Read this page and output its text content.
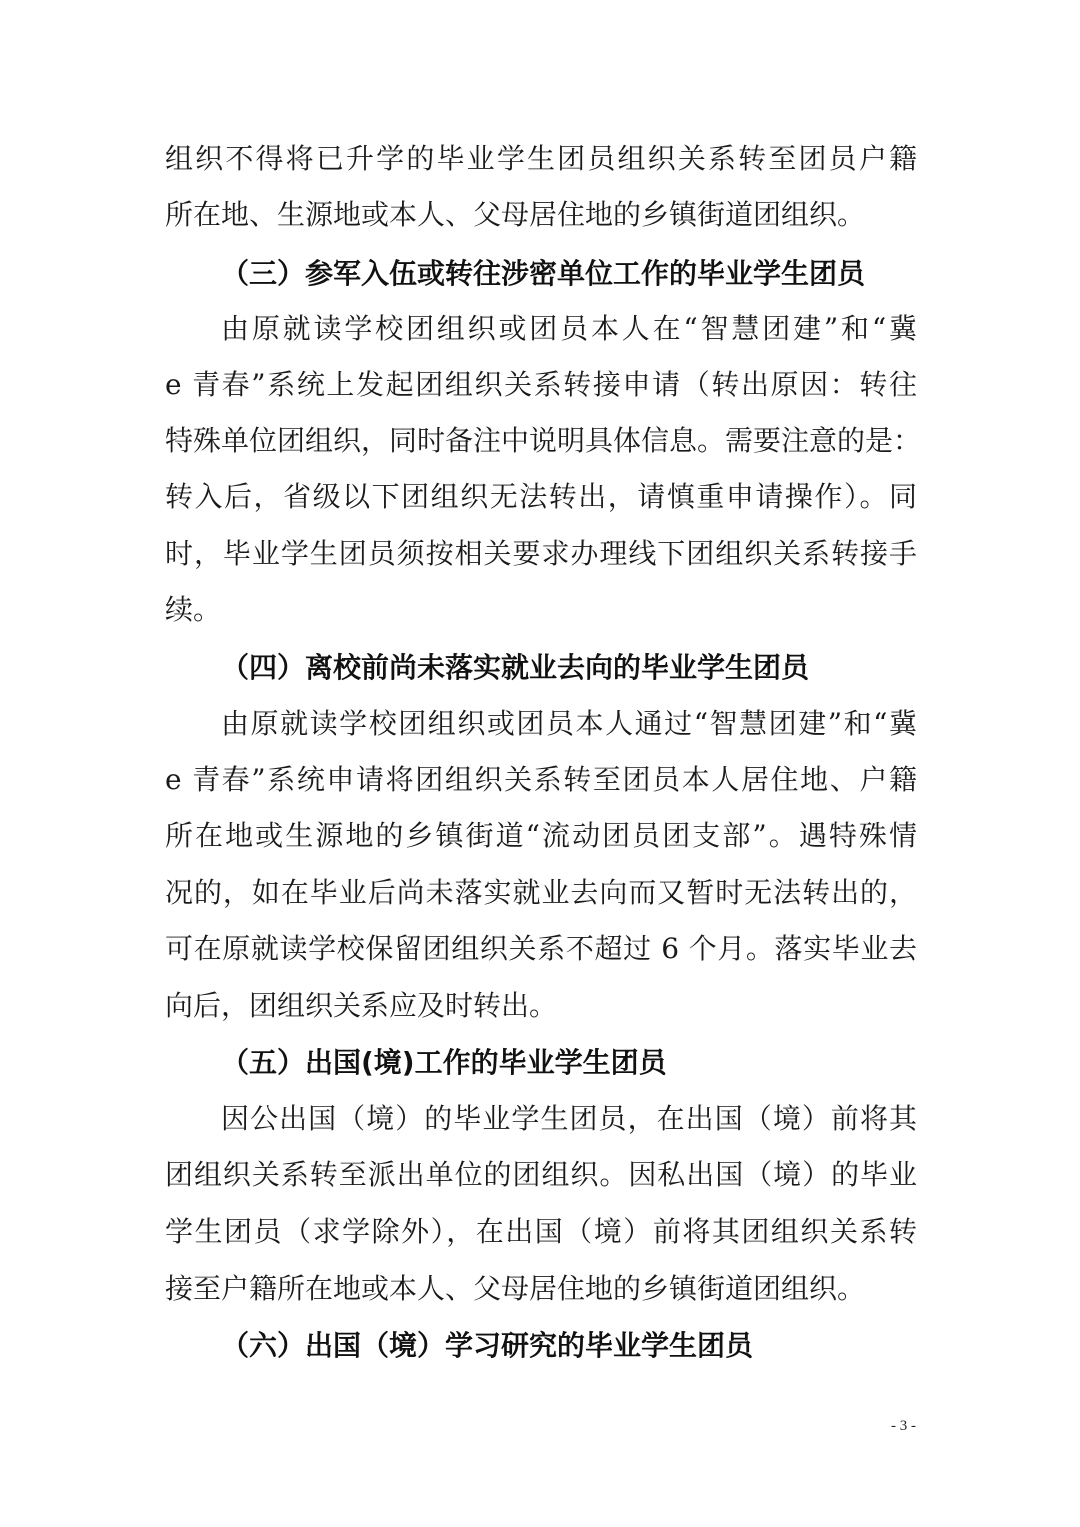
组织不得将已升学的毕业学生团员组织关系转至团员户籍
所在地、生源地或本人、父母居住地的乡镇街道团组织。
（三）参军入伍或转往涉密单位工作的毕业学生团员
由原就读学校团组织或团员本人在“智慧团建”和“冀
e 青春”系统上发起团组织关系转接申请（转出原因：转往
特殊单位团组织，同时备注中说明具体信息。需要注意的是：
转入后，省级以下团组织无法转出，请慎重申请操作）。同
时，毕业学生团员须按相关要求办理线下团组织关系转接手
续。
（四）离校前尚未落实就业去向的毕业学生团员
由原就读学校团组织或团员本人通过“智慧团建”和“冀
e 青春”系统申请将团组织关系转至团员本人居住地、户籍
所在地或生源地的乡镇街道“流动团员团支部”。遇特殊情
况的，如在毕业后尚未落实就业去向而又暂时无法转出的，
可在原就读学校保留团组织关系不超过 6 个月。落实毕业去
向后，团组织关系应及时转出。
（五）出国(境)工作的毕业学生团员
因公出国（境）的毕业学生团员，在出国（境）前将其
团组织关系转至派出单位的团组织。因私出国（境）的毕业
学生团员（求学除外），在出国（境）前将其团组织关系转
接至户籍所在地或本人、父母居住地的乡镇街道团组织。
（六）出国（境）学习研究的毕业学生团员
- 3 -
